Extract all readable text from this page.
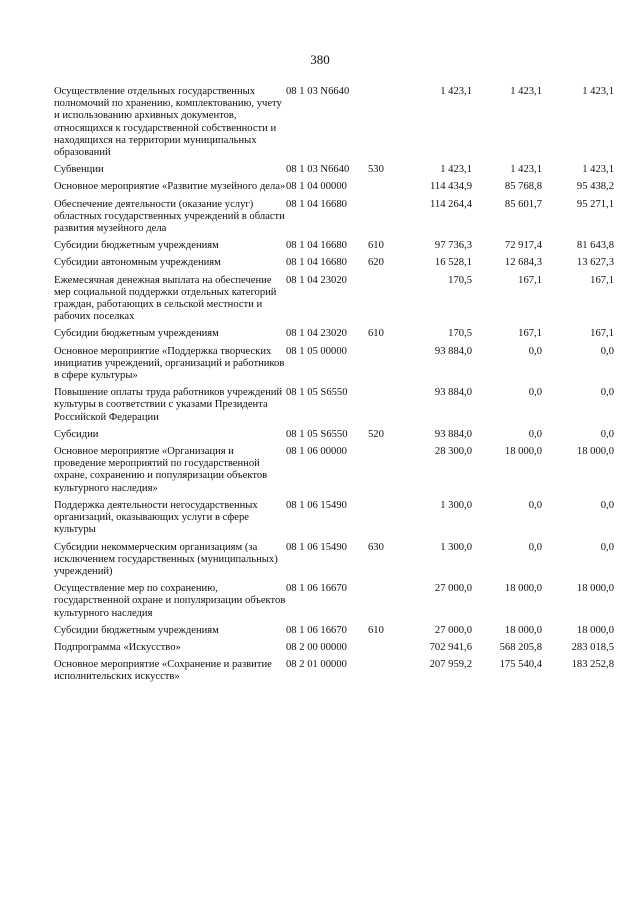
380
Осуществление отдельных государственных полномочий по хранению, комплектованию, учету и использованию архивных документов, относящихся к государственной собственности и находящихся на территории муниципальных образований	08 1 03 N6640		1 423,1	1 423,1	1 423,1
Субвенции	08 1 03 N6640	530	1 423,1	1 423,1	1 423,1
Основное мероприятие «Развитие музейного дела»	08 1 04 00000		114 434,9	85 768,8	95 438,2
Обеспечение деятельности (оказание услуг) областных государственных учреждений в области развития музейного дела	08 1 04 16680		114 264,4	85 601,7	95 271,1
Субсидии бюджетным учреждениям	08 1 04 16680	610	97 736,3	72 917,4	81 643,8
Субсидии автономным учреждениям	08 1 04 16680	620	16 528,1	12 684,3	13 627,3
Ежемесячная денежная выплата на обеспечение мер социальной поддержки отдельных категорий граждан, работающих в сельской местности и рабочих поселках	08 1 04 23020		170,5	167,1	167,1
Субсидии бюджетным учреждениям	08 1 04 23020	610	170,5	167,1	167,1
Основное мероприятие «Поддержка творческих инициатив учреждений, организаций и работников в сфере культуры»	08 1 05 00000		93 884,0	0,0	0,0
Повышение оплаты труда работников учреждений культуры в соответствии с указами Президента Российской Федерации	08 1 05 S6550		93 884,0	0,0	0,0
Субсидии	08 1 05 S6550	520	93 884,0	0,0	0,0
Основное мероприятие «Организация и проведение мероприятий по государственной охране, сохранению и популяризации объектов культурного наследия»	08 1 06 00000		28 300,0	18 000,0	18 000,0
Поддержка деятельности негосударственных организаций, оказывающих услуги в сфере культуры	08 1 06 15490		1 300,0	0,0	0,0
Субсидии некоммерческим организациям (за исключением государственных (муниципальных) учреждений)	08 1 06 15490	630	1 300,0	0,0	0,0
Осуществление мер по сохранению, государственной охране и популяризации объектов культурного наследия	08 1 06 16670		27 000,0	18 000,0	18 000,0
Субсидии бюджетным учреждениям	08 1 06 16670	610	27 000,0	18 000,0	18 000,0
Подпрограмма «Искусство»	08 2 00 00000		702 941,6	568 205,8	283 018,5
Основное мероприятие «Сохранение и развитие исполнительских искусств»	08 2 01 00000		207 959,2	175 540,4	183 252,8
